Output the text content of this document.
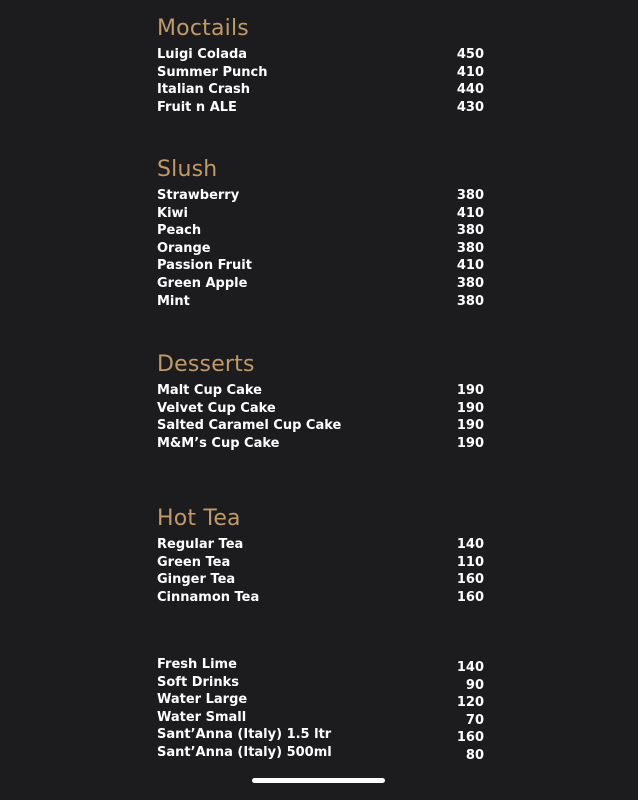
Moctails
Luigi Colada	450
Summer Punch	410
Italian Crash	440
Fruit n ALE	430
Slush
Strawberry	380
Kiwi	410
Peach	380
Orange	380
Passion Fruit	410
Green Apple	380
Mint	380
Desserts
Malt Cup Cake	190
Velvet Cup Cake	190
Salted Caramel Cup Cake	190
M&M’s Cup Cake	190
Hot Tea
Regular Tea	140
Green Tea	110
Ginger Tea	160
Cinnamon Tea	160
Fresh Lime	140
Soft Drinks	90
Water Large	120
Water Small	70
Sant’Anna (Italy) 1.5 ltr	160
Sant’Anna (Italy) 500ml	80
